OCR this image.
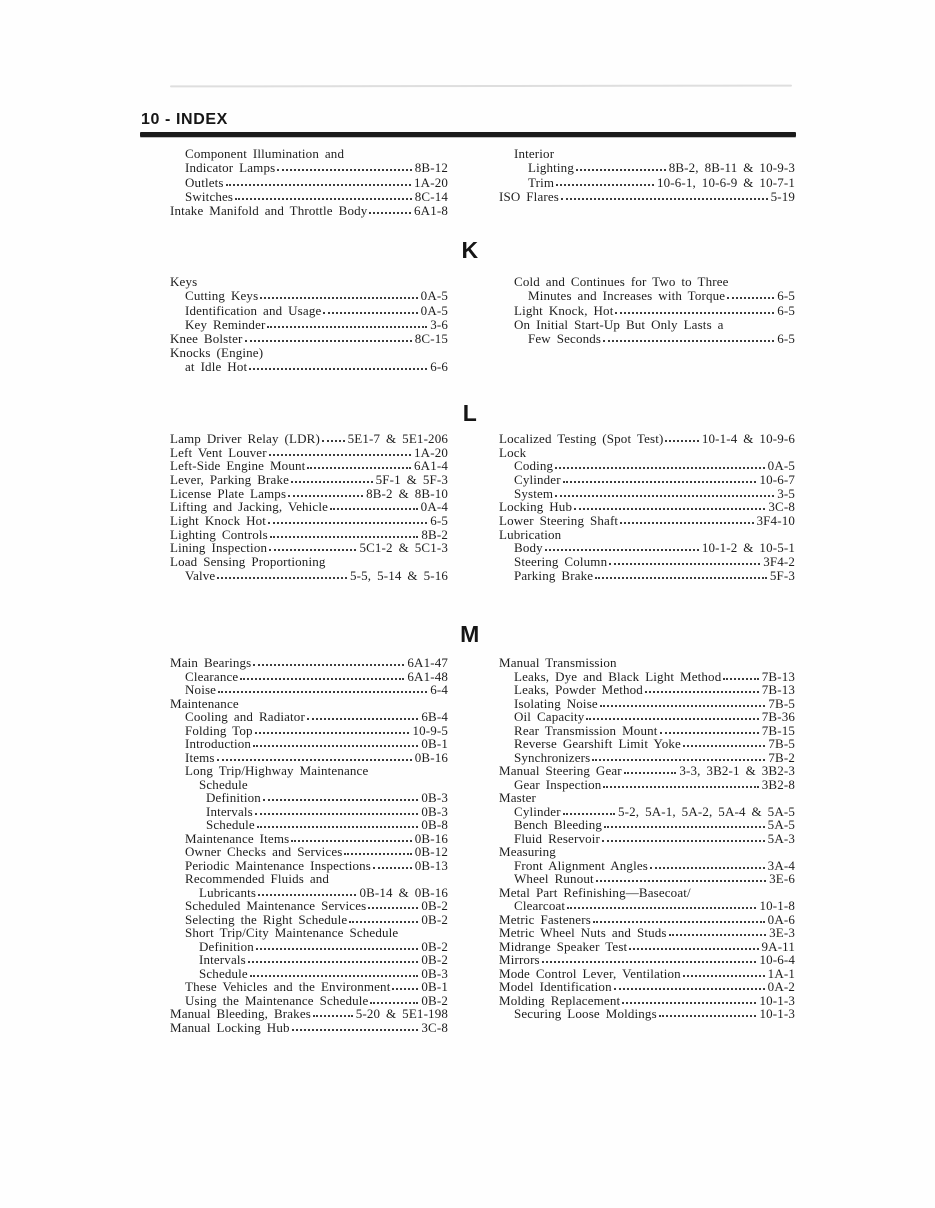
10 - INDEX
Component Illumination and
Indicator Lamps	8B-12
Outlets	1A-20
Switches	8C-14
Intake Manifold and Throttle Body	6A1-8
Interior
Lighting	8B-2, 8B-11 & 10-9-3
Trim	10-6-1, 10-6-9 & 10-7-1
ISO Flares	5-19
K
Keys
Cutting Keys	0A-5
Identification and Usage	0A-5
Key Reminder	3-6
Knee Bolster	8C-15
Knocks (Engine)
at Idle Hot	6-6
Cold and Continues for Two to Three
Minutes and Increases with Torque	6-5
Light Knock, Hot	6-5
On Initial Start-Up But Only Lasts a
Few Seconds	6-5
L
Lamp Driver Relay (LDR) 5E1-7 & 5E1-206
Left Vent Louver	1A-20
Left-Side Engine Mount	6A1-4
Lever, Parking Brake	5F-1 & 5F-3
License Plate Lamps	8B-2 & 8B-10
Lifting and Jacking, Vehicle	0A-4
Light Knock Hot	6-5
Lighting Controls	8B-2
Lining Inspection	5C1-2 & 5C1-3
Load Sensing Proportioning
Valve	5-5, 5-14 & 5-16
Localized Testing (Spot Test)	10-1-4 & 10-9-6
Lock
Coding	0A-5
Cylinder	10-6-7
System	3-5
Locking Hub	3C-8
Lower Steering Shaft	3F4-10
Lubrication
Body	10-1-2 & 10-5-1
Steering Column	3F4-2
Parking Brake	5F-3
M
Main Bearings	6A1-47
Clearance	6A1-48
Noise	6-4
Maintenance
Cooling and Radiator	6B-4
Folding Top	10-9-5
Introduction	0B-1
Items	0B-16
Long Trip/Highway Maintenance
Schedule
Definition	0B-3
Intervals	0B-3
Schedule	0B-8
Maintenance Items	0B-16
Owner Checks and Services	0B-12
Periodic Maintenance Inspections	0B-13
Recommended Fluids and
Lubricants	0B-14 & 0B-16
Scheduled Maintenance Services	0B-2
Selecting the Right Schedule	0B-2
Short Trip/City Maintenance Schedule
Definition	0B-2
Intervals	0B-2
Schedule	0B-3
These Vehicles and the Environment 0B-1
Using the Maintenance Schedule	0B-2
Manual Bleeding, Brakes	5-20 & 5E1-198
Manual Locking Hub	3C-8
Manual Transmission
Leaks, Dye and Black Light Method	7B-13
Leaks, Powder Method	7B-13
Isolating Noise	7B-5
Oil Capacity	7B-36
Rear Transmission Mount	7B-15
Reverse Gearshift Limit Yoke	7B-5
Synchronizers	7B-2
Manual Steering Gear	3-3, 3B2-1 & 3B2-3
Gear Inspection	3B2-8
Master
Cylinder	5-2, 5A-1, 5A-2, 5A-4 & 5A-5
Bench Bleeding	5A-5
Fluid Reservoir	5A-3
Measuring
Front Alignment Angles	3A-4
Wheel Runout	3E-6
Metal Part Refinishing—Basecoat/
Clearcoat	10-1-8
Metric Fasteners	0A-6
Metric Wheel Nuts and Studs	3E-3
Midrange Speaker Test	9A-11
Mirrors	10-6-4
Mode Control Lever, Ventilation	1A-1
Model Identification	0A-2
Molding Replacement	10-1-3
Securing Loose Moldings	10-1-3
